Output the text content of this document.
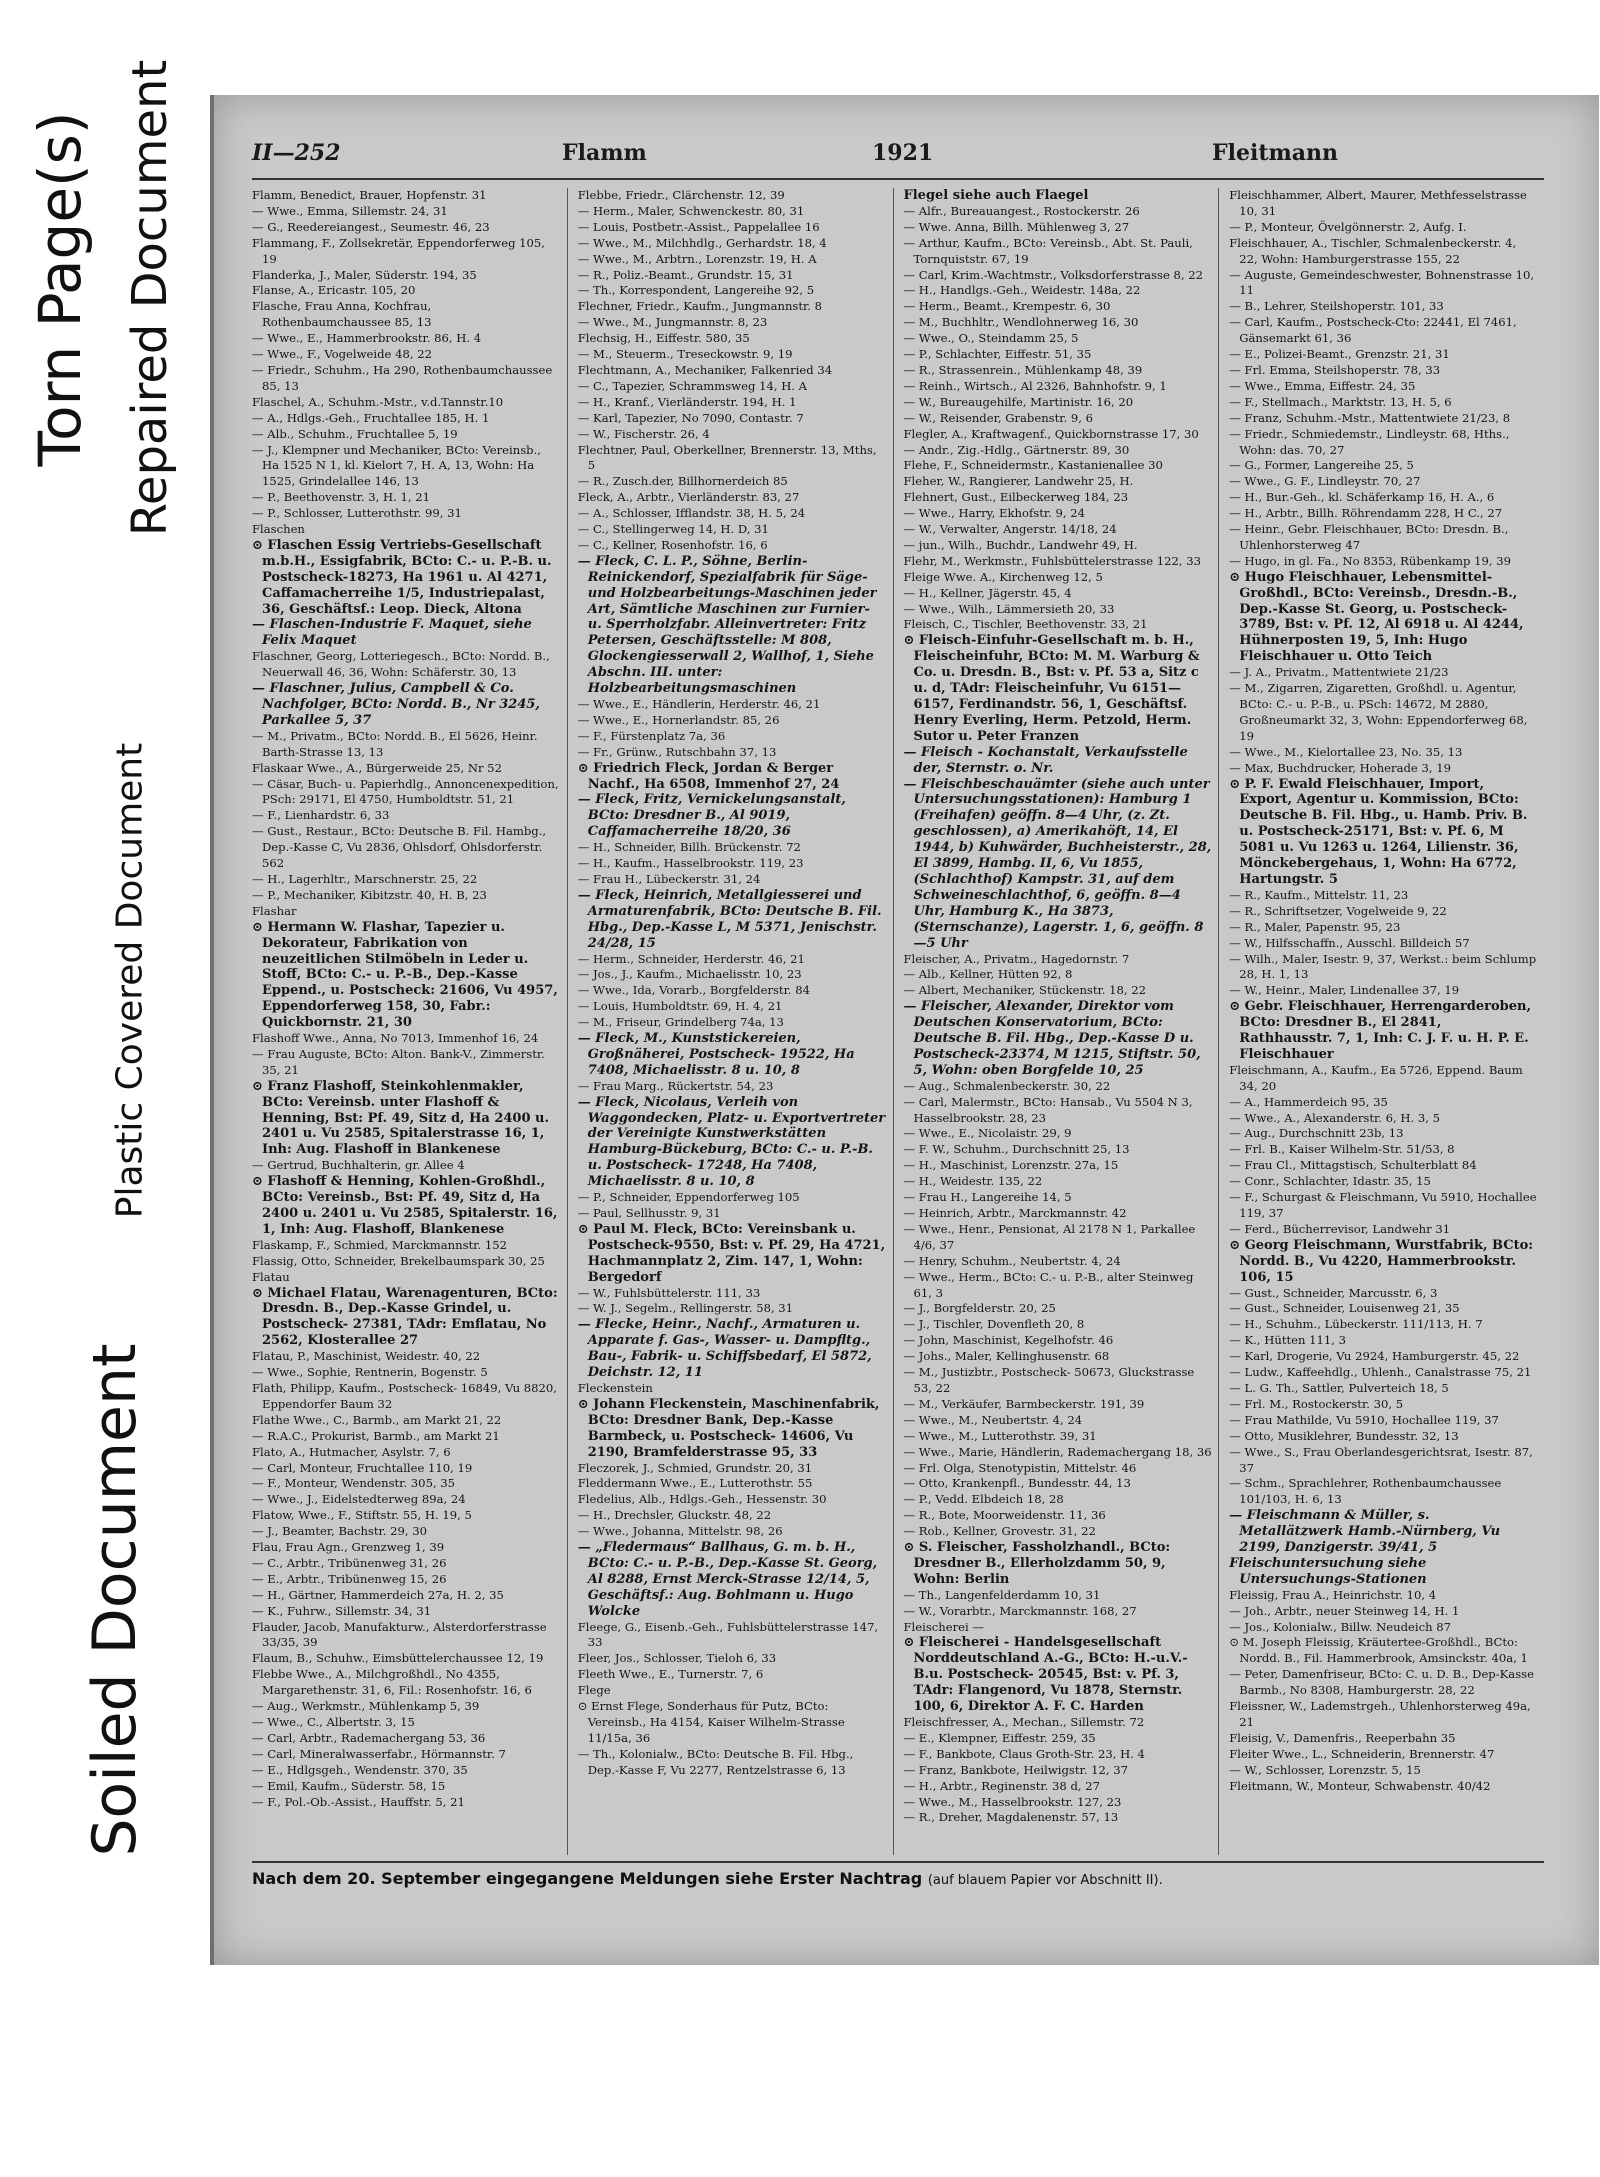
Torn Page(s) Repaired Document
Plastic Covered Document
Soiled Document
II—252	Flamm	1921	Fleitmann

Flamm, Benedict, Brauer, Hopfenstr. 31

— Wwe., Emma, Sillemstr. 24, 31

— G., Reedereiangest., Seumestr. 46, 23

Flammang, F., Zollsekretär, Eppendorferweg 105, 19

Flanderka, J., Maler, Süderstr. 194, 35

Flanse, A., Ericastr. 105, 20

Flasche, Frau Anna, Kochfrau, Rothenbaumchaussee 85, 13

— Wwe., E., Hammerbrookstr. 86, H. 4

— Wwe., F., Vogelweide 48, 22

— Friedr., Schuhm., Ha 290, Rothenbaumchaussee 85, 13

Flaschel, A., Schuhm.-Mstr., v.d.Tannstr.10

— A., Hdlgs.-Geh., Fruchtallee 185, H. 1

— Alb., Schuhm., Fruchtallee 5, 19

— J., Klempner und Mechaniker, BCto: Vereinsb., Ha 1525 N 1, kl. Kielort 7, H. A, 13, Wohn: Ha 1525, Grindelallee 146, 13

— P., Beethovenstr. 3, H. 1, 21

— P., Schlosser, Lutterothstr. 99, 31

Flaschen

⊙ Flaschen Essig Vertriebs-Gesellschaft m.b.H., Essigfabrik, BCto: C.- u. P.-B. u. Postscheck-18273, Ha 1961 u. Al 4271, Caffamacherreihe 1/5, Industriepalast, 36, Geschäftsf.: Leop. Dieck, Altona

— Flaschen-Industrie F. Maquet, siehe Felix Maquet

Flaschner, Georg, Lotteriegesch., BCto: Nordd. B., Neuerwall 46, 36, Wohn: Schäferstr. 30, 13

— Flaschner, Julius, Campbell & Co. Nachfolger, BCto: Nordd. B., Nr 3245, Parkallee 5, 37

— M., Privatm., BCto: Nordd. B., El 5626, Heinr. Barth-Strasse 13, 13

Flaskaar Wwe., A., Bürgerweide 25, Nr 52

— Cäsar, Buch- u. Papierhdlg., Annoncenexpedition, PSch: 29171, El 4750, Humboldtstr. 51, 21

— F., Lienhardstr. 6, 33

— Gust., Restaur., BCto: Deutsche B. Fil. Hambg., Dep.-Kasse C, Vu 2836, Ohlsdorf, Ohlsdorferstr. 562

— H., Lagerhltr., Marschnerstr. 25, 22

— P., Mechaniker, Kibitzstr. 40, H. B, 23

Flashar

⊙ Hermann W. Flashar, Tapezier u. Dekorateur, Fabrikation von neuzeitlichen Stilmöbeln in Leder u. Stoff, BCto: C.- u. P.-B., Dep.-Kasse Eppend., u. Postscheck: 21606, Vu 4957, Eppendorferweg 158, 30, Fabr.: Quickbornstr. 21, 30

Flashoff Wwe., Anna, No 7013, Immenhof 16, 24

— Frau Auguste, BCto: Alton. Bank-V., Zimmerstr. 35, 21

⊙ Franz Flashoff, Steinkohlenmakler, BCto: Vereinsb. unter Flashoff & Henning, Bst: Pf. 49, Sitz d, Ha 2400 u. 2401 u. Vu 2585, Spitalerstrasse 16, 1, Inh: Aug. Flashoff in Blankenese

— Gertrud, Buchhalterin, gr. Allee 4

⊙ Flashoff & Henning, Kohlen-Großhdl., BCto: Vereinsb., Bst: Pf. 49, Sitz d, Ha 2400 u. 2401 u. Vu 2585, Spitalerstr. 16, 1, Inh: Aug. Flashoff, Blankenese

Flaskamp, F., Schmied, Marckmannstr. 152

Flassig, Otto, Schneider, Brekelbaumspark 30, 25

Flatau

⊙ Michael Flatau, Warenagenturen, BCto: Dresdn. B., Dep.-Kasse Grindel, u. Postscheck- 27381, TAdr: Emflatau, No 2562, Klosterallee 27

Flatau, P., Maschinist, Weidestr. 40, 22

— Wwe., Sophie, Rentnerin, Bogenstr. 5

Flath, Philipp, Kaufm., Postscheck- 16849, Vu 8820, Eppendorfer Baum 32

Flathe Wwe., C., Barmb., am Markt 21, 22

— R.A.C., Prokurist, Barmb., am Markt 21

Flato, A., Hutmacher, Asylstr. 7, 6

— Carl, Monteur, Fruchtallee 110, 19

— F., Monteur, Wendenstr. 305, 35

— Wwe., J., Eidelstedterweg 89a, 24

Flatow, Wwe., F., Stiftstr. 55, H. 19, 5

— J., Beamter, Bachstr. 29, 30

Flau, Frau Agn., Grenzweg 1, 39

— C., Arbtr., Tribünenweg 31, 26

— E., Arbtr., Tribünenweg 15, 26

— H., Gärtner, Hammerdeich 27a, H. 2, 35

— K., Fuhrw., Sillemstr. 34, 31

Flauder, Jacob, Manufakturw., Alsterdorferstrasse 33/35, 39

Flaum, B., Schuhw., Eimsbüttelerchaussee 12, 19

Flebbe Wwe., A., Milchgroßhdl., No 4355, Margarethenstr. 31, 6, Fil.: Rosenhofstr. 16, 6

— Aug., Werkmstr., Mühlenkamp 5, 39

— Wwe., C., Albertstr. 3, 15

— Carl, Arbtr., Rademachergang 53, 36

— Carl, Mineralwasserfabr., Hörmannstr. 7

— E., Hdlgsgeh., Wendenstr. 370, 35

— Emil, Kaufm., Süderstr. 58, 15

— F., Pol.-Ob.-Assist., Hauffstr. 5, 21

Flebbe, Friedr., Clärchenstr. 12, 39

— Herm., Maler, Schwenckestr. 80, 31

— Louis, Postbetr.-Assist., Pappelallee 16

— Wwe., M., Milchhdlg., Gerhardstr. 18, 4

— Wwe., M., Arbtrn., Lorenzstr. 19, H. A

— R., Poliz.-Beamt., Grundstr. 15, 31

— Th., Korrespondent, Langereihe 92, 5

Flechner, Friedr., Kaufm., Jungmannstr. 8

— Wwe., M., Jungmannstr. 8, 23

Flechsig, H., Eiffestr. 580, 35

— M., Steuerm., Treseckowstr. 9, 19

Flechtmann, A., Mechaniker, Falkenried 34

— C., Tapezier, Schrammsweg 14, H. A

— H., Kranf., Vierländerstr. 194, H. 1

— Karl, Tapezier, No 7090, Contastr. 7

— W., Fischerstr. 26, 4

Flechtner, Paul, Oberkellner, Brennerstr. 13, Mths, 5

— R., Zusch.der, Billhornerdeich 85

Fleck, A., Arbtr., Vierländerstr. 83, 27

— A., Schlosser, Ifflandstr. 38, H. 5, 24

— C., Stellingerweg 14, H. D, 31

— C., Kellner, Rosenhofstr. 16, 6

— Fleck, C. L. P., Söhne, Berlin-Reinickendorf, Spezialfabrik für Säge- und Holzbearbeitungs-Maschinen jeder Art, Sämtliche Maschinen zur Furnier- u. Sperrholzfabr. Alleinvertreter: Fritz Petersen, Geschäftsstelle: M 808, Glockengiesserwall 2, Wallhof, 1, Siehe Abschn. III. unter: Holzbearbeitungsmaschinen

— Wwe., E., Händlerin, Herderstr. 46, 21

— Wwe., E., Hornerlandstr. 85, 26

— F., Fürstenplatz 7a, 36

— Fr., Grünw., Rutschbahn 37, 13

⊙ Friedrich Fleck, Jordan & Berger Nachf., Ha 6508, Immenhof 27, 24

— Fleck, Fritz, Vernickelungsanstalt, BCto: Dresdner B., Al 9019, Caffamacherreihe 18/20, 36

— H., Schneider, Billh. Brückenstr. 72

— H., Kaufm., Hasselbrookstr. 119, 23

— Frau H., Lübeckerstr. 31, 24

— Fleck, Heinrich, Metallgiesserei und Armaturenfabrik, BCto: Deutsche B. Fil. Hbg., Dep.-Kasse L, M 5371, Jenischstr. 24/28, 15

— Herm., Schneider, Herderstr. 46, 21

— Jos., J., Kaufm., Michaelisstr. 10, 23

— Wwe., Ida, Vorarb., Borgfelderstr. 84

— Louis, Humboldtstr. 69, H. 4, 21

— M., Friseur, Grindelberg 74a, 13

— Fleck, M., Kunststickereien, Großnäherei, Postscheck- 19522, Ha 7408, Michaelisstr. 8 u. 10, 8

— Frau Marg., Rückertstr. 54, 23

— Fleck, Nicolaus, Verleih von Waggondecken, Platz- u. Exportvertreter der Vereinigte Kunstwerkstätten Hamburg-Bückeburg, BCto: C.- u. P.-B. u. Postscheck- 17248, Ha 7408, Michaelisstr. 8 u. 10, 8

— P., Schneider, Eppendorferweg 105

— Paul, Sellhusstr. 9, 31

⊙ Paul M. Fleck, BCto: Vereinsbank u. Postscheck-9550, Bst: v. Pf. 29, Ha 4721, Hachmannplatz 2, Zim. 147, 1, Wohn: Bergedorf

— W., Fuhlsbüttelerstr. 111, 33

— W. J., Segelm., Rellingerstr. 58, 31

— Flecke, Heinr., Nachf., Armaturen u. Apparate f. Gas-, Wasser- u. Dampfltg., Bau-, Fabrik- u. Schiffsbedarf, El 5872, Deichstr. 12, 11

Fleckenstein

⊙ Johann Fleckenstein, Maschinenfabrik, BCto: Dresdner Bank, Dep.-Kasse Barmbeck, u. Postscheck- 14606, Vu 2190, Bramfelderstrasse 95, 33

Fleczorek, J., Schmied, Grundstr. 20, 31

Fleddermann Wwe., E., Lutterothstr. 55

Fledelius, Alb., Hdlgs.-Geh., Hessenstr. 30

— H., Drechsler, Gluckstr. 48, 22

— Wwe., Johanna, Mittelstr. 98, 26

— „Fledermaus“ Ballhaus, G. m. b. H., BCto: C.- u. P.-B., Dep.-Kasse St. Georg, Al 8288, Ernst Merck-Strasse 12/14, 5, Geschäftsf.: Aug. Bohlmann u. Hugo Wolcke

Fleege, G., Eisenb.-Geh., Fuhlsbüttelerstrasse 147, 33

Fleer, Jos., Schlosser, Tieloh 6, 33

Fleeth Wwe., E., Turnerstr. 7, 6

Flege

⊙ Ernst Flege, Sonderhaus für Putz, BCto: Vereinsb., Ha 4154, Kaiser Wilhelm-Strasse 11/15a, 36

— Th., Kolonialw., BCto: Deutsche B. Fil. Hbg., Dep.-Kasse F, Vu 2277, Rentzelstrasse 6, 13

Flegel siehe auch Flaegel

— Alfr., Bureauangest., Rostockerstr. 26

— Wwe. Anna, Billh. Mühlenweg 3, 27

— Arthur, Kaufm., BCto: Vereinsb., Abt. St. Pauli, Tornquiststr. 67, 19

— Carl, Krim.-Wachtmstr., Volksdorferstrasse 8, 22

— H., Handlgs.-Geh., Weidestr. 148a, 22

— Herm., Beamt., Krempestr. 6, 30

— M., Buchhltr., Wendlohnerweg 16, 30

— Wwe., O., Steindamm 25, 5

— P., Schlachter, Eiffestr. 51, 35

— R., Strassenrein., Mühlenkamp 48, 39

— Reinh., Wirtsch., Al 2326, Bahnhofstr. 9, 1

— W., Bureaugehilfe, Martinistr. 16, 20

— W., Reisender, Grabenstr. 9, 6

Flegler, A., Kraftwagenf., Quickbornstrasse 17, 30

— Andr., Zig.-Hdlg., Gärtnerstr. 89, 30

Flehe, F., Schneidermstr., Kastanienallee 30

Fleher, W., Rangierer, Landwehr 25, H.

Flehnert, Gust., Eilbeckerweg 184, 23

— Wwe., Harry, Ekhofstr. 9, 24

— W., Verwalter, Angerstr. 14/18, 24

— jun., Wilh., Buchdr., Landwehr 49, H.

Flehr, M., Werkmstr., Fuhlsbüttelerstrasse 122, 33

Fleige Wwe. A., Kirchenweg 12, 5

— H., Kellner, Jägerstr. 45, 4

— Wwe., Wilh., Lämmersieth 20, 33

Fleisch, C., Tischler, Beethovenstr. 33, 21

⊙ Fleisch-Einfuhr-Gesellschaft m. b. H., Fleischeinfuhr, BCto: M. M. Warburg & Co. u. Dresdn. B., Bst: v. Pf. 53 a, Sitz c u. d, TAdr: Fleischeinfuhr, Vu 6151—6157, Ferdinandstr. 56, 1, Geschäftsf. Henry Everling, Herm. Petzold, Herm. Sutor u. Peter Franzen

— Fleisch - Kochanstalt, Verkaufsstelle der, Sternstr. o. Nr.

— Fleischbeschauämter (siehe auch unter Untersuchungsstationen): Hamburg 1 (Freihafen) geöffn. 8—4 Uhr, (z. Zt. geschlossen), a) Amerikahöft, 14, El 1944, b) Kuhwärder, Buchheisterstr., 28, El 3899, Hambg. II, 6, Vu 1855, (Schlachthof) Kampstr. 31, auf dem Schweineschlachthof, 6, geöffn. 8—4 Uhr, Hamburg K., Ha 3873, (Sternschanze), Lagerstr. 1, 6, geöffn. 8—5 Uhr

Fleischer, A., Privatm., Hagedornstr. 7

— Alb., Kellner, Hütten 92, 8

— Albert, Mechaniker, Stückenstr. 18, 22

— Fleischer, Alexander, Direktor vom Deutschen Konservatorium, BCto: Deutsche B. Fil. Hbg., Dep.-Kasse D u. Postscheck-23374, M 1215, Stiftstr. 50, 5, Wohn: oben Borgfelde 10, 25

— Aug., Schmalenbeckerstr. 30, 22

— Carl, Malermstr., BCto: Hansab., Vu 5504 N 3, Hasselbrookstr. 28, 23

— Wwe., E., Nicolaistr. 29, 9

— F. W., Schuhm., Durchschnitt 25, 13

— H., Maschinist, Lorenzstr. 27a, 15

— H., Weidestr. 135, 22

— Frau H., Langereihe 14, 5

— Heinrich, Arbtr., Marckmannstr. 42

— Wwe., Henr., Pensionat, Al 2178 N 1, Parkallee 4/6, 37

— Henry, Schuhm., Neubertstr. 4, 24

— Wwe., Herm., BCto: C.- u. P.-B., alter Steinweg 61, 3

— J., Borgfelderstr. 20, 25

— J., Tischler, Dovenfleth 20, 8

— John, Maschinist, Kegelhofstr. 46

— Johs., Maler, Kellinghusenstr. 68

— M., Justizbtr., Postscheck- 50673, Gluckstrasse 53, 22

— M., Verkäufer, Barmbeckerstr. 191, 39

— Wwe., M., Neubertstr. 4, 24

— Wwe., M., Lutterothstr. 39, 31

— Wwe., Marie, Händlerin, Rademachergang 18, 36

— Frl. Olga, Stenotypistin, Mittelstr. 46

— Otto, Krankenpfl., Bundesstr. 44, 13

— P., Vedd. Elbdeich 18, 28

— R., Bote, Moorweidenstr. 11, 36

— Rob., Kellner, Grovestr. 31, 22

⊙ S. Fleischer, Fassholzhandl., BCto: Dresdner B., Ellerholzdamm 50, 9, Wohn: Berlin

— Th., Langenfelderdamm 10, 31

— W., Vorarbtr., Marckmannstr. 168, 27

Fleischerei —

⊙ Fleischerei - Handelsgesellschaft Norddeutschland A.-G., BCto: H.-u.V.-B.u. Postscheck- 20545, Bst: v. Pf. 3, TAdr: Flangenord, Vu 1878, Sternstr. 100, 6, Direktor A. F. C. Harden

Fleischfresser, A., Mechan., Sillemstr. 72

— E., Klempner, Eiffestr. 259, 35

— F., Bankbote, Claus Groth-Str. 23, H. 4

— Franz, Bankbote, Heilwigstr. 12, 37

— H., Arbtr., Reginenstr. 38 d, 27

— Wwe., M., Hasselbrookstr. 127, 23

— R., Dreher, Magdalenenstr. 57, 13

Fleischhammer, Albert, Maurer, Methfesselstrasse 10, 31

— P., Monteur, Övelgönnerstr. 2, Aufg. I.

Fleischhauer, A., Tischler, Schmalenbeckerstr. 4, 22, Wohn: Hamburgerstrasse 155, 22

— Auguste, Gemeindeschwester, Bohnenstrasse 10, 11

— B., Lehrer, Steilshoperstr. 101, 33

— Carl, Kaufm., Postscheck-Cto: 22441, El 7461, Gänsemarkt 61, 36

— E., Polizei-Beamt., Grenzstr. 21, 31

— Frl. Emma, Steilshoperstr. 78, 33

— Wwe., Emma, Eiffestr. 24, 35

— F., Stellmach., Marktstr. 13, H. 5, 6

— Franz, Schuhm.-Mstr., Mattentwiete 21/23, 8

— Friedr., Schmiedemstr., Lindleystr. 68, Hths., Wohn: das. 70, 27

— G., Former, Langereihe 25, 5

— Wwe., G. F., Lindleystr. 70, 27

— H., Bur.-Geh., kl. Schäferkamp 16, H. A., 6

— H., Arbtr., Billh. Röhrendamm 228, H C., 27

— Heinr., Gebr. Fleischhauer, BCto: Dresdn. B., Uhlenhorsterweg 47

— Hugo, in gl. Fa., No 8353, Rübenkamp 19, 39

⊙ Hugo Fleischhauer, Lebensmittel-Großhdl., BCto: Vereinsb., Dresdn.-B., Dep.-Kasse St. Georg, u. Postscheck- 3789, Bst: v. Pf. 12, Al 6918 u. Al 4244, Hühnerposten 19, 5, Inh: Hugo Fleischhauer u. Otto Teich

— J. A., Privatm., Mattentwiete 21/23

— M., Zigarren, Zigaretten, Großhdl. u. Agentur, BCto: C.- u. P.-B., u. PSch: 14672, M 2880, Großneumarkt 32, 3, Wohn: Eppendorferweg 68, 19

— Wwe., M., Kielortallee 23, No. 35, 13

— Max, Buchdrucker, Hoherade 3, 19

⊙ P. F. Ewald Fleischhauer, Import, Export, Agentur u. Kommission, BCto: Deutsche B. Fil. Hbg., u. Hamb. Priv. B. u. Postscheck-25171, Bst: v. Pf. 6, M 5081 u. Vu 1263 u. 1264, Lilienstr. 36, Mönckebergehaus, 1, Wohn: Ha 6772, Hartungstr. 5

— R., Kaufm., Mittelstr. 11, 23

— R., Schriftsetzer, Vogelweide 9, 22

— R., Maler, Papenstr. 95, 23

— W., Hilfsschaffn., Ausschl. Billdeich 57

— Wilh., Maler, Isestr. 9, 37, Werkst.: beim Schlump 28, H. 1, 13

— W., Heinr., Maler, Lindenallee 37, 19

⊙ Gebr. Fleischhauer, Herrengarderoben, BCto: Dresdner B., El 2841, Rathhausstr. 7, 1, Inh: C. J. F. u. H. P. E. Fleischhauer

Fleischmann, A., Kaufm., Ea 5726, Eppend. Baum 34, 20

— A., Hammerdeich 95, 35

— Wwe., A., Alexanderstr. 6, H. 3, 5

— Aug., Durchschnitt 23b, 13

— Frl. B., Kaiser Wilhelm-Str. 51/53, 8

— Frau Cl., Mittagstisch, Schulterblatt 84

— Conr., Schlachter, Idastr. 35, 15

— F., Schurgast & Fleischmann, Vu 5910, Hochallee 119, 37

— Ferd., Bücherrevisor, Landwehr 31

⊙ Georg Fleischmann, Wurstfabrik, BCto: Nordd. B., Vu 4220, Hammerbrookstr. 106, 15

— Gust., Schneider, Marcusstr. 6, 3

— Gust., Schneider, Louisenweg 21, 35

— H., Schuhm., Lübeckerstr. 111/113, H. 7

— K., Hütten 111, 3

— Karl, Drogerie, Vu 2924, Hamburgerstr. 45, 22

— Ludw., Kaffeehdlg., Uhlenh., Canalstrasse 75, 21

— L. G. Th., Sattler, Pulverteich 18, 5

— Frl. M., Rostockerstr. 30, 5

— Frau Mathilde, Vu 5910, Hochallee 119, 37

— Otto, Musiklehrer, Bundesstr. 32, 13

— Wwe., S., Frau Oberlandesgerichtsrat, Isestr. 87, 37

— Schm., Sprachlehrer, Rothenbaumchaussee 101/103, H. 6, 13

— Fleischmann & Müller, s. Metallätzwerk Hamb.-Nürnberg, Vu 2199, Danzigerstr. 39/41, 5

Fleischuntersuchung siehe Untersuchungs-Stationen

Fleissig, Frau A., Heinrichstr. 10, 4

— Joh., Arbtr., neuer Steinweg 14, H. 1

— Jos., Kolonialw., Billw. Neudeich 87

⊙ M. Joseph Fleissig, Kräutertee-Großhdl., BCto: Nordd. B., Fil. Hammerbrook, Amsinckstr. 40a, 1

— Peter, Damenfriseur, BCto: C. u. D. B., Dep-Kasse Barmb., No 8308, Hamburgerstr. 28, 22

Fleissner, W., Lademstrgeh., Uhlenhorsterweg 49a, 21

Fleisig, V., Damenfris., Reeperbahn 35

Fleiter Wwe., L., Schneiderin, Brennerstr. 47

— W., Schlosser, Lorenzstr. 5, 15

Fleitmann, W., Monteur, Schwabenstr. 40/42

Nach dem 20. September eingegangene Meldungen siehe Erster Nachtrag (auf blauem Papier vor Abschnitt II).
